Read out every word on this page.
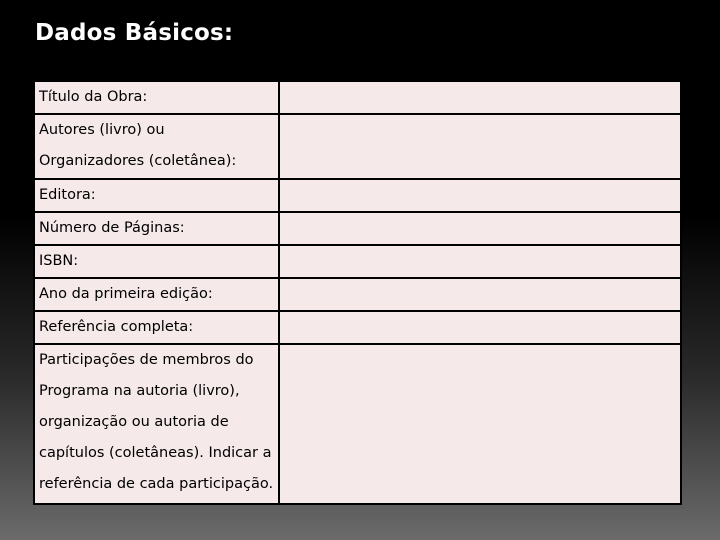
Dados Básicos:
Título da Obra:	

Autores (livro) ou
Organizadores (coletânea):	

Editora:	

Número de Páginas:	

ISBN:	

Ano da primeira edição:	

Referência completa:	

Participações de membros do
Programa na autoria (livro),
organização ou autoria de
capítulos (coletâneas). Indicar a
referência de cada participação.	
